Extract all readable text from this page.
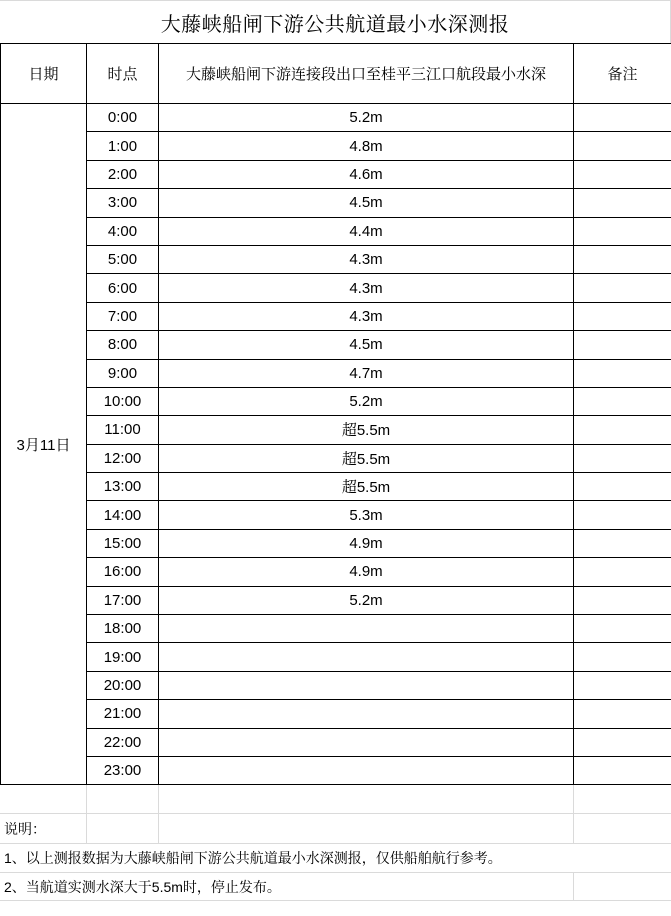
大藤峡船闸下游公共航道最小水深测报
日期	时点	大藤峡船闸下游连接段出口至桂平三江口航段最小水深	备注
3月11日	0:00	5.2m	
	1:00	4.8m	
	2:00	4.6m	
	3:00	4.5m	
	4:00	4.4m	
	5:00	4.3m	
	6:00	4.3m	
	7:00	4.3m	
	8:00	4.5m	
	9:00	4.7m	
	10:00	5.2m	
	11:00	超5.5m	
	12:00	超5.5m	
	13:00	超5.5m	
	14:00	5.3m	
	15:00	4.9m	
	16:00	4.9m	
	17:00	5.2m	
	18:00		
	19:00		
	20:00		
	21:00		
	22:00		
	23:00		

说明：			
1、以上测报数据为大藤峡船闸下游公共航道最小水深测报，仅供船舶航行参考。			
2、当航道实测水深大于5.5m时，停止发布。			
